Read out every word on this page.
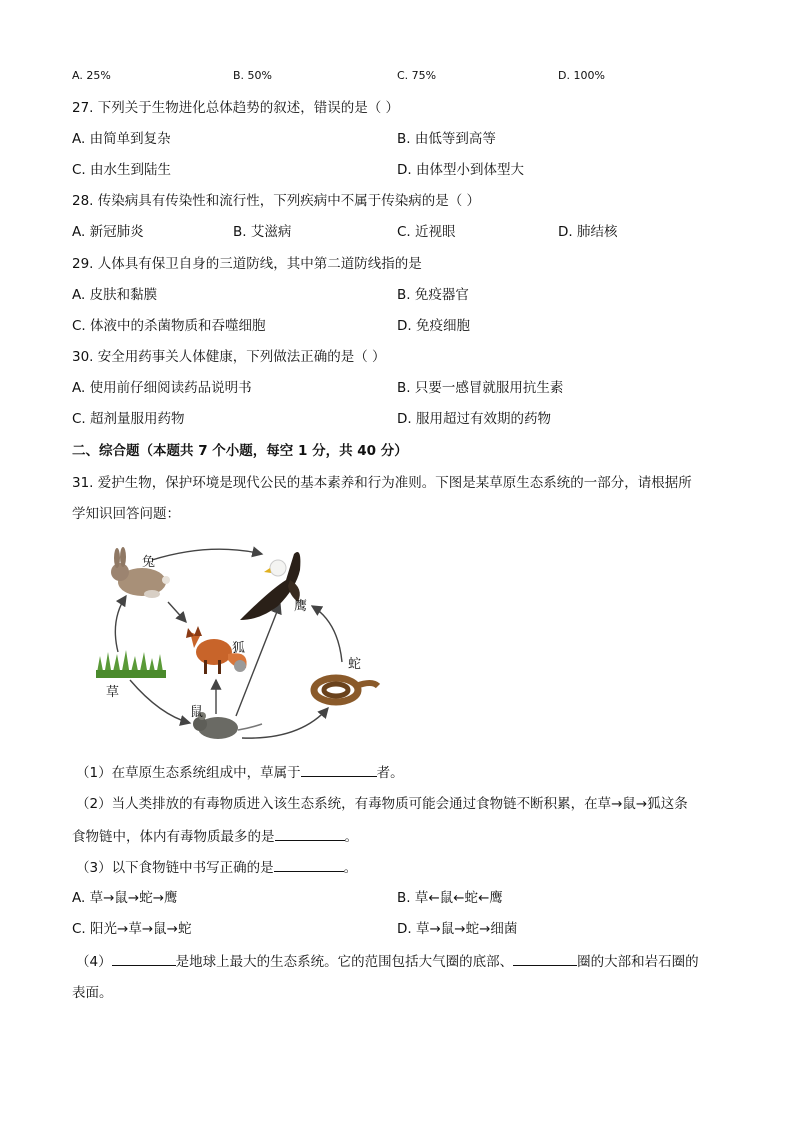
A. 25%	B. 50%	C. 75%	D. 100%
27. 下列关于生物进化总体趋势的叙述，错误的是（ ）
A. 由简单到复杂	B. 由低等到高等
C. 由水生到陆生	D. 由体型小到体型大
28. 传染病具有传染性和流行性，下列疾病中不属于传染病的是（ ）
A. 新冠肺炎	B. 艾滋病	C. 近视眼	D. 肺结核
29. 人体具有保卫自身的三道防线，其中第二道防线指的是
A. 皮肤和黏膜	B. 免疫器官
C. 体液中的杀菌物质和吞噬细胞	D. 免疫细胞
30. 安全用药事关人体健康，下列做法正确的是（ ）
A. 使用前仔细阅读药品说明书	B. 只要一感冒就服用抗生素
C. 超剂量服用药物	D. 服用超过有效期的药物
二、综合题（本题共 7 个小题，每空 1 分，共 40 分）
31. 爱护生物，保护环境是现代公民的基本素养和行为准则。下图是某草原生态系统的一部分，请根据所
学知识回答问题：
兔
鹰
狐
蛇
草
鼠
（1）在草原生态系统组成中，草属于	者。
（2）当人类排放的有毒物质进入该生态系统，有毒物质可能会通过食物链不断积累，在草→鼠→狐这条
食物链中，体内有毒物质最多的是	。
（3）以下食物链中书写正确的是	。
A. 草→鼠→蛇→鹰	B. 草←鼠←蛇←鹰
C. 阳光→草→鼠→蛇	D. 草→鼠→蛇→细菌
（4）	是地球上最大的生态系统。它的范围包括大气圈的底部、	圈的大部和岩石圈的
表面。
